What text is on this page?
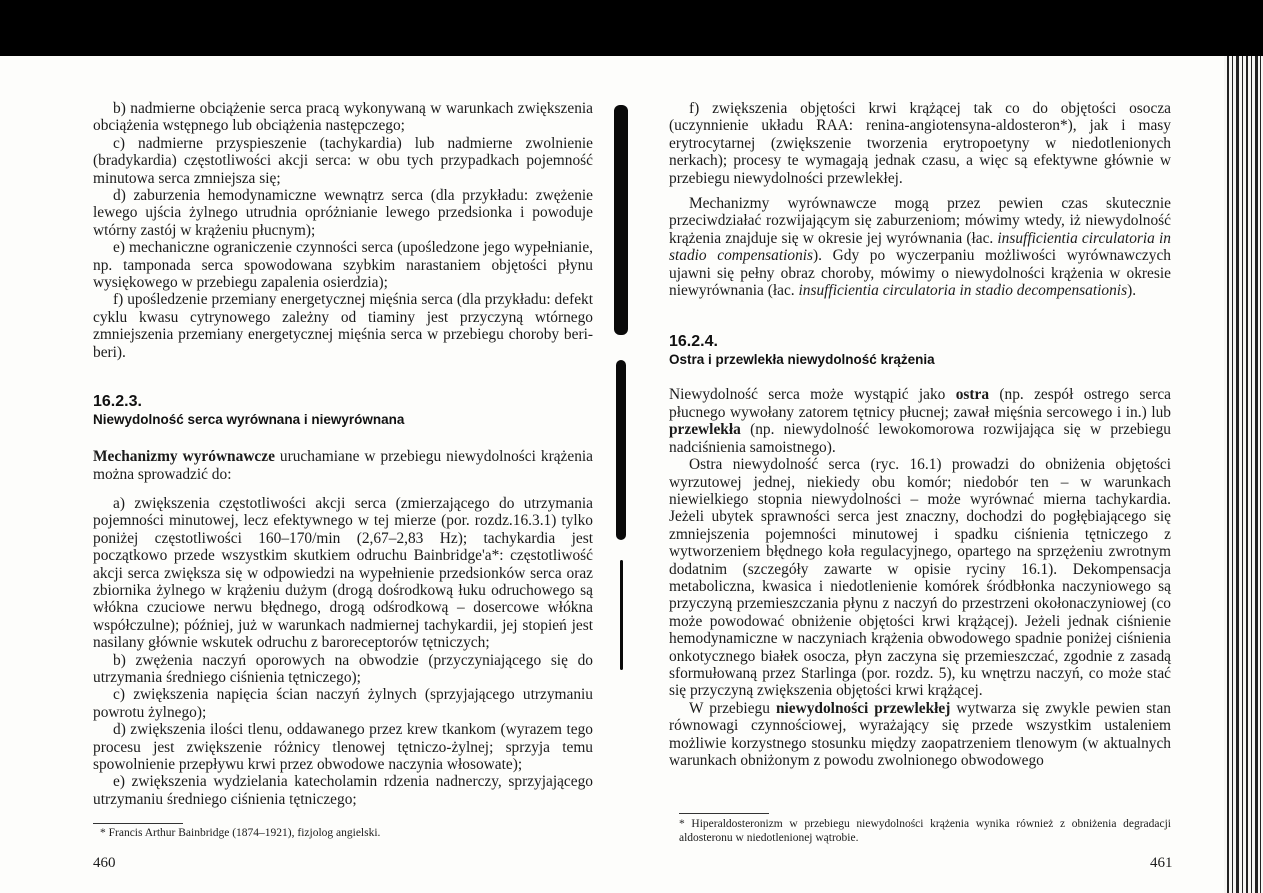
b) nadmierne obciążenie serca pracą wykonywaną w warunkach zwiększenia obciążenia wstępnego lub obciążenia następczego;

c) nadmierne przyspieszenie (tachykardia) lub nadmierne zwolnienie (bradykardia) częstotliwości akcji serca: w obu tych przypadkach pojemność minutowa serca zmniejsza się;

d) zaburzenia hemodynamiczne wewnątrz serca (dla przykładu: zwężenie lewego ujścia żylnego utrudnia opróżnianie lewego przedsionka i powoduje wtórny zastój w krążeniu płucnym);

e) mechaniczne ograniczenie czynności serca (upośledzone jego wypełnianie, np. tamponada serca spowodowana szybkim narastaniem objętości płynu wysiękowego w przebiegu zapalenia osierdzia);

f) upośledzenie przemiany energetycznej mięśnia serca (dla przykładu: defekt cyklu kwasu cytrynowego zależny od tiaminy jest przyczyną wtórnego zmniejszenia przemiany energetycznej mięśnia serca w przebiegu choroby beri-beri).

16.2.3.
Niewydolność serca wyrównana i niewyrównana

Mechanizmy wyrównawcze uruchamiane w przebiegu niewydolności krążenia można sprowadzić do:

a) zwiększenia częstotliwości akcji serca (zmierzającego do utrzymania pojemności minutowej, lecz efektywnego w tej mierze (por. rozdz.16.3.1) tylko poniżej częstotliwości 160–170/min (2,67–2,83 Hz); tachykardia jest początkowo przede wszystkim skutkiem odruchu Bainbridge'a*: częstotliwość akcji serca zwiększa się w odpowiedzi na wypełnienie przedsionków serca oraz zbiornika żylnego w krążeniu dużym (drogą dośrodkową łuku odruchowego są włókna czuciowe nerwu błędnego, drogą odśrodkową – dosercowe włókna współczulne); później, już w warunkach nadmiernej tachykardii, jej stopień jest nasilany głównie wskutek odruchu z baroreceptorów tętniczych;

b) zwężenia naczyń oporowych na obwodzie (przyczyniającego się do utrzymania średniego ciśnienia tętniczego);

c) zwiększenia napięcia ścian naczyń żylnych (sprzyjającego utrzymaniu powrotu żylnego);

d) zwiększenia ilości tlenu, oddawanego przez krew tkankom (wyrazem tego procesu jest zwiększenie różnicy tlenowej tętniczo-żylnej; sprzyja temu spowolnienie przepływu krwi przez obwodowe naczynia włosowate);

e) zwiększenia wydzielania katecholamin rdzenia nadnerczy, sprzyjającego utrzymaniu średniego ciśnienia tętniczego;

* Francis Arthur Bainbridge (1874–1921), fizjolog angielski.
460

f) zwiększenia objętości krwi krążącej tak co do objętości osocza (uczynnienie układu RAA: renina-angiotensyna-aldosteron*), jak i masy erytrocytarnej (zwiększenie tworzenia erytropoetyny w niedotlenionych nerkach); procesy te wymagają jednak czasu, a więc są efektywne głównie w przebiegu niewydolności przewlekłej.

Mechanizmy wyrównawcze mogą przez pewien czas skutecznie przeciwdziałać rozwijającym się zaburzeniom; mówimy wtedy, iż niewydolność krążenia znajduje się w okresie jej wyrównania (łac. insufficientia circulatoria in stadio compensationis). Gdy po wyczerpaniu możliwości wyrównawczych ujawni się pełny obraz choroby, mówimy o niewydolności krążenia w okresie niewyrównania (łac. insufficientia circulatoria in stadio decompensationis).

16.2.4.
Ostra i przewlekła niewydolność krążenia

Niewydolność serca może wystąpić jako ostra (np. zespół ostrego serca płucnego wywołany zatorem tętnicy płucnej; zawał mięśnia sercowego i in.) lub przewlekła (np. niewydolność lewokomorowa rozwijająca się w przebiegu nadciśnienia samoistnego).

Ostra niewydolność serca (ryc. 16.1) prowadzi do obniżenia objętości wyrzutowej jednej, niekiedy obu komór; niedobór ten – w warunkach niewielkiego stopnia niewydolności – może wyrównać mierna tachykardia. Jeżeli ubytek sprawności serca jest znaczny, dochodzi do pogłębiającego się zmniejszenia pojemności minutowej i spadku ciśnienia tętniczego z wytworzeniem błędnego koła regulacyjnego, opartego na sprzężeniu zwrotnym dodatnim (szczegóły zawarte w opisie ryciny 16.1). Dekompensacja metaboliczna, kwasica i niedotlenienie komórek śródbłonka naczyniowego są przyczyną przemieszczania płynu z naczyń do przestrzeni okołonaczyniowej (co może powodować obniżenie objętości krwi krążącej). Jeżeli jednak ciśnienie hemodynamiczne w naczyniach krążenia obwodowego spadnie poniżej ciśnienia onkotycznego białek osocza, płyn zaczyna się przemieszczać, zgodnie z zasadą sformułowaną przez Starlinga (por. rozdz. 5), ku wnętrzu naczyń, co może stać się przyczyną zwiększenia objętości krwi krążącej.

W przebiegu niewydolności przewlekłej wytwarza się zwykle pewien stan równowagi czynnościowej, wyrażający się przede wszystkim ustaleniem możliwie korzystnego stosunku między zaopatrzeniem tlenowym (w aktualnych warunkach obniżonym z powodu zwolnionego obwodowego

* Hiperaldosteronizm w przebiegu niewydolności krążenia wynika również z obniżenia degradacji aldosteronu w niedotlenionej wątrobie.
461
